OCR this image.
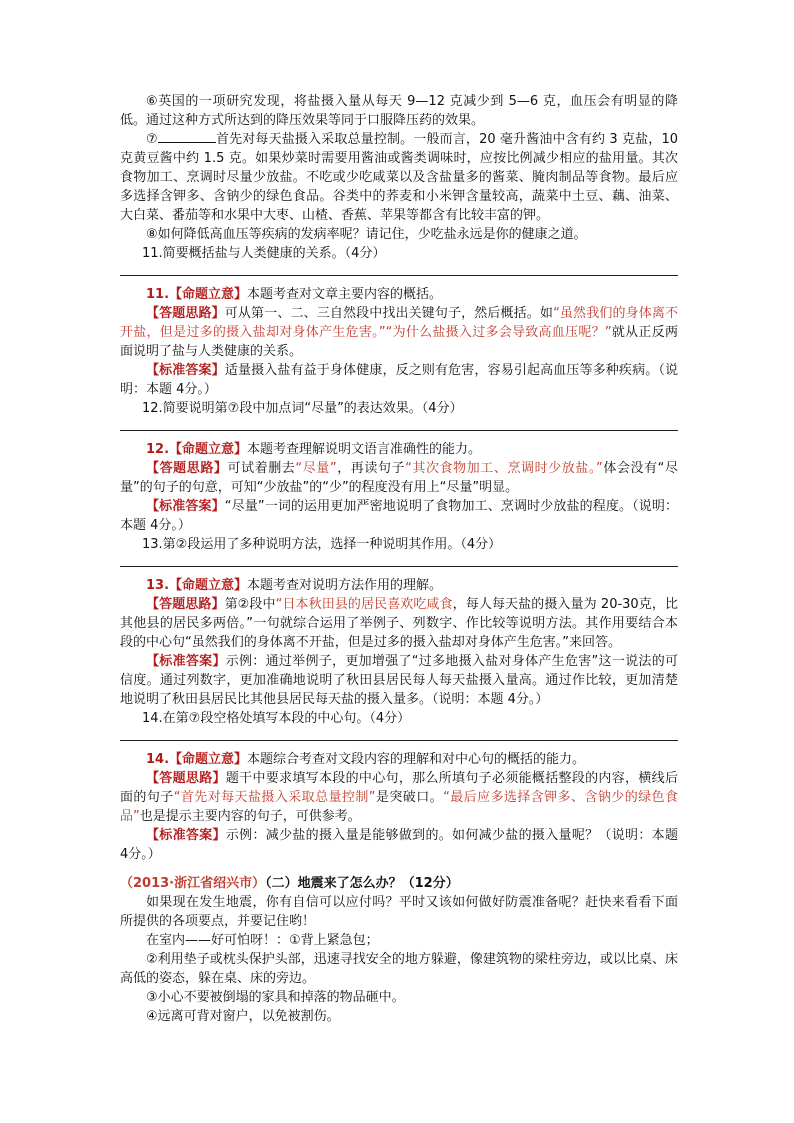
⑥英国的一项研究发现，将盐摄入量从每天 9—12 克减少到 5—6 克，血压会有明显的降低。通过这种方式所达到的降压效果等同于口服降压药的效果。

⑦	首先对每天盐摄入采取总量控制。一般而言，20 毫升酱油中含有约 3 克盐，10 克黄豆酱中约 1.5 克。如果炒菜时需要用酱油或酱类调味时，应按比例减少相应的盐用量。其次食物加工、烹调时尽量少放盐。不吃或少吃咸菜以及含盐量多的酱菜、腌肉制品等食物。最后应多选择含钾多、含钠少的绿色食品。谷类中的荞麦和小米钾含量较高，蔬菜中土豆、藕、油菜、大白菜、番茄等和水果中大枣、山楂、香蕉、苹果等都含有比较丰富的钾。

⑧如何降低高血压等疾病的发病率呢？请记住，少吃盐永远是你的健康之道。

11.简要概括盐与人类健康的关系。（4分）

11.【命题立意】本题考查对文章主要内容的概括。

【答题思路】可从第一、二、三自然段中找出关键句子，然后概括。如“虽然我们的身体离不开盐，但是过多的摄入盐却对身体产生危害。”“为什么盐摄入过多会导致高血压呢？”就从正反两面说明了盐与人类健康的关系。

【标准答案】适量摄入盐有益于身体健康，反之则有危害，容易引起高血压等多种疾病。（说明：本题 4分。）

12.简要说明第⑦段中加点词“尽量”的表达效果。（4分）

12.【命题立意】本题考查理解说明文语言准确性的能力。

【答题思路】可试着删去“尽量”，再读句子“其次食物加工、烹调时少放盐。”体会没有“尽量”的句子的句意，可知“少放盐”的“少”的程度没有用上“尽量”明显。

【标准答案】“尽量”一词的运用更加严密地说明了食物加工、烹调时少放盐的程度。（说明：本题 4分。）

13.第②段运用了多种说明方法，选择一种说明其作用。（4分）

13.【命题立意】本题考查对说明方法作用的理解。

【答题思路】第②段中“日本秋田县的居民喜欢吃咸食，每人每天盐的摄入量为 20-30克，比其他县的居民多两倍。”一句就综合运用了举例子、列数字、作比较等说明方法。其作用要结合本段的中心句“虽然我们的身体离不开盐，但是过多的摄入盐却对身体产生危害。”来回答。

【标准答案】示例：通过举例子，更加增强了“过多地摄入盐对身体产生危害”这一说法的可信度。通过列数字，更加准确地说明了秋田县居民每人每天盐摄入量高。通过作比较，更加清楚地说明了秋田县居民比其他县居民每天盐的摄入量多。（说明：本题 4分。）

14.在第⑦段空格处填写本段的中心句。（4分）

14.【命题立意】本题综合考查对文段内容的理解和对中心句的概括的能力。

【答题思路】题干中要求填写本段的中心句，那么所填句子必须能概括整段的内容，横线后面的句子“首先对每天盐摄入采取总量控制”是突破口。“最后应多选择含钾多、含钠少的绿色食品”也是提示主要内容的句子，可供参考。

【标准答案】示例：减少盐的摄入量是能够做到的。如何减少盐的摄入量呢？（说明：本题 4分。）

（2013·浙江省绍兴市）（二）地震来了怎么办？（12分）

如果现在发生地震，你有自信可以应付吗？平时又该如何做好防震准备呢？赶快来看看下面所提供的各项要点，并要记住哟！

在室内——好可怕呀！：①背上紧急包；

②利用垫子或枕头保护头部，迅速寻找安全的地方躲避，像建筑物的梁柱旁边，或以比桌、床高低的姿态，躲在桌、床的旁边。

③小心不要被倒塌的家具和掉落的物品砸中。

④远离可背对窗户，以免被割伤。
